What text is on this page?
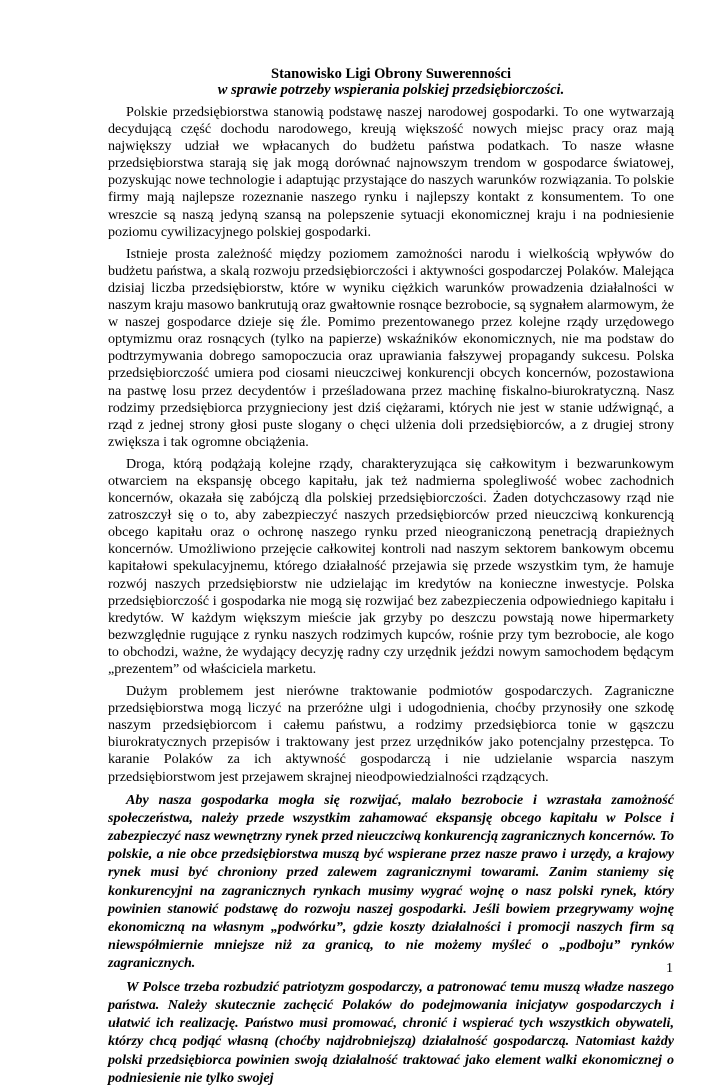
Stanowisko Ligi Obrony Suwerenności
w sprawie potrzeby wspierania polskiej przedsiębiorczości.

Polskie przedsiębiorstwa stanowią podstawę naszej narodowej gospodarki. To one wytwarzają decydującą część dochodu narodowego, kreują większość nowych miejsc pracy oraz mają największy udział we wpłacanych do budżetu państwa podatkach. To nasze własne przedsiębiorstwa starają się jak mogą dorównać najnowszym trendom w gospodarce światowej, pozyskując nowe technologie i adaptując przystające do naszych warunków rozwiązania. To polskie firmy mają najlepsze rozeznanie naszego rynku i najlepszy kontakt z konsumentem. To one wreszcie są naszą jedyną szansą na polepszenie sytuacji ekonomicznej kraju i na podniesienie poziomu cywilizacyjnego polskiej gospodarki.

Istnieje prosta zależność między poziomem zamożności narodu i wielkością wpływów do budżetu państwa, a skalą rozwoju przedsiębiorczości i aktywności gospodarczej Polaków. Malejąca dzisiaj liczba przedsiębiorstw, które w wyniku ciężkich warunków prowadzenia działalności w naszym kraju masowo bankrutują oraz gwałtownie rosnące bezrobocie, są sygnałem alarmowym, że w naszej gospodarce dzieje się źle. Pomimo prezentowanego przez kolejne rządy urzędowego optymizmu oraz rosnących (tylko na papierze) wskaźników ekonomicznych, nie ma podstaw do podtrzymywania dobrego samopoczucia oraz uprawiania fałszywej propagandy sukcesu. Polska przedsiębiorczość umiera pod ciosami nieuczciwej konkurencji obcych koncernów, pozostawiona na pastwę losu przez decydentów i prześladowana przez machinę fiskalno-biurokratyczną. Nasz rodzimy przedsiębiorca przygnieciony jest dziś ciężarami, których nie jest w stanie udźwignąć, a rząd z jednej strony głosi puste slogany o chęci ulżenia doli przedsiębiorców, a z drugiej strony zwiększa i tak ogromne obciążenia.

Droga, którą podążają kolejne rządy, charakteryzująca się całkowitym i bezwarunkowym otwarciem na ekspansję obcego kapitału, jak też nadmierna spolegliwość wobec zachodnich koncernów, okazała się zabójczą dla polskiej przedsiębiorczości. Żaden dotychczasowy rząd nie zatroszczył się o to, aby zabezpieczyć naszych przedsiębiorców przed nieuczciwą konkurencją obcego kapitału oraz o ochronę naszego rynku przed nieograniczoną penetracją drapieżnych koncernów. Umożliwiono przejęcie całkowitej kontroli nad naszym sektorem bankowym obcemu kapitałowi spekulacyjnemu, którego działalność przejawia się przede wszystkim tym, że hamuje rozwój naszych przedsiębiorstw nie udzielając im kredytów na konieczne inwestycje. Polska przedsiębiorczość i gospodarka nie mogą się rozwijać bez zabezpieczenia odpowiedniego kapitału i kredytów. W każdym większym mieście jak grzyby po deszczu powstają nowe hipermarkety bezwzględnie rugujące z rynku naszych rodzimych kupców, rośnie przy tym bezrobocie, ale kogo to obchodzi, ważne, że wydający decyzję radny czy urzędnik jeździ nowym samochodem będącym „prezentem” od właściciela marketu.

Dużym problemem jest nierówne traktowanie podmiotów gospodarczych. Zagraniczne przedsiębiorstwa mogą liczyć na przeróżne ulgi i udogodnienia, choćby przynosiły one szkodę naszym przedsiębiorcom i całemu państwu, a rodzimy przedsiębiorca tonie w gąszczu biurokratycznych przepisów i traktowany jest przez urzędników jako potencjalny przestępca. To karanie Polaków za ich aktywność gospodarczą i nie udzielanie wsparcia naszym przedsiębiorstwom jest przejawem skrajnej nieodpowiedzialności rządzących.

Aby nasza gospodarka mogła się rozwijać, malało bezrobocie i wzrastała zamożność społeczeństwa, należy przede wszystkim zahamować ekspansję obcego kapitału w Polsce i zabezpieczyć nasz wewnętrzny rynek przed nieuczciwą konkurencją zagranicznych koncernów. To polskie, a nie obce przedsiębiorstwa muszą być wspierane przez nasze prawo i urzędy, a krajowy rynek musi być chroniony przed zalewem zagranicznymi towarami. Zanim staniemy się konkurencyjni na zagranicznych rynkach musimy wygrać wojnę o nasz polski rynek, który powinien stanowić podstawę do rozwoju naszej gospodarki. Jeśli bowiem przegrywamy wojnę ekonomiczną na własnym „podwórku”, gdzie koszty działalności i promocji naszych firm są niewspółmiernie mniejsze niż za granicą, to nie możemy myśleć o „podboju” rynków zagranicznych.

W Polsce trzeba rozbudzić patriotyzm gospodarczy, a patronować temu muszą władze naszego państwa. Należy skutecznie zachęcić Polaków do podejmowania inicjatyw gospodarczych i ułatwić ich realizację. Państwo musi promować, chronić i wspierać tych wszystkich obywateli, którzy chcą podjąć własną (choćby najdrobniejszą) działalność gospodarczą. Natomiast każdy polski przedsiębiorca powinien swoją działalność traktować jako element walki ekonomicznej o podniesienie nie tylko swojej

1
